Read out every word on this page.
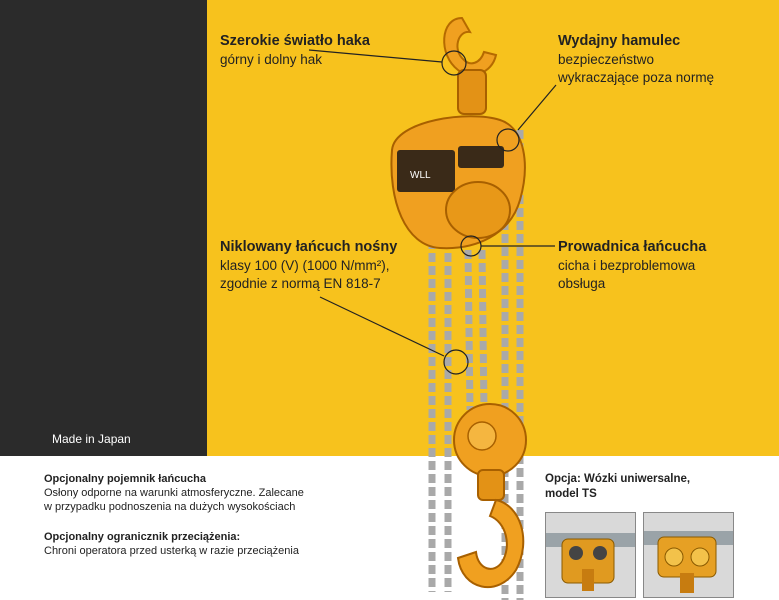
WLL
Szerokie światło haka
górny i dolny hak
Wydajny hamulec
bezpieczeństwo
wykraczające poza normę
Niklowany łańcuch nośny
klasy 100 (V) (1000 N/mm²),
zgodnie z normą EN 818-7
Prowadnica łańcucha
cicha i bezproblemowa
obsługa
Made in Japan
Opcjonalny pojemnik łańcucha
Osłony odporne na warunki atmosferyczne. Zalecane
w przypadku podnoszenia na dużych wysokościach
Opcjonalny ogranicznik przeciążenia:
Chroni operatora przed usterką w razie przeciążenia
Opcja: Wózki uniwersalne,
model TS
